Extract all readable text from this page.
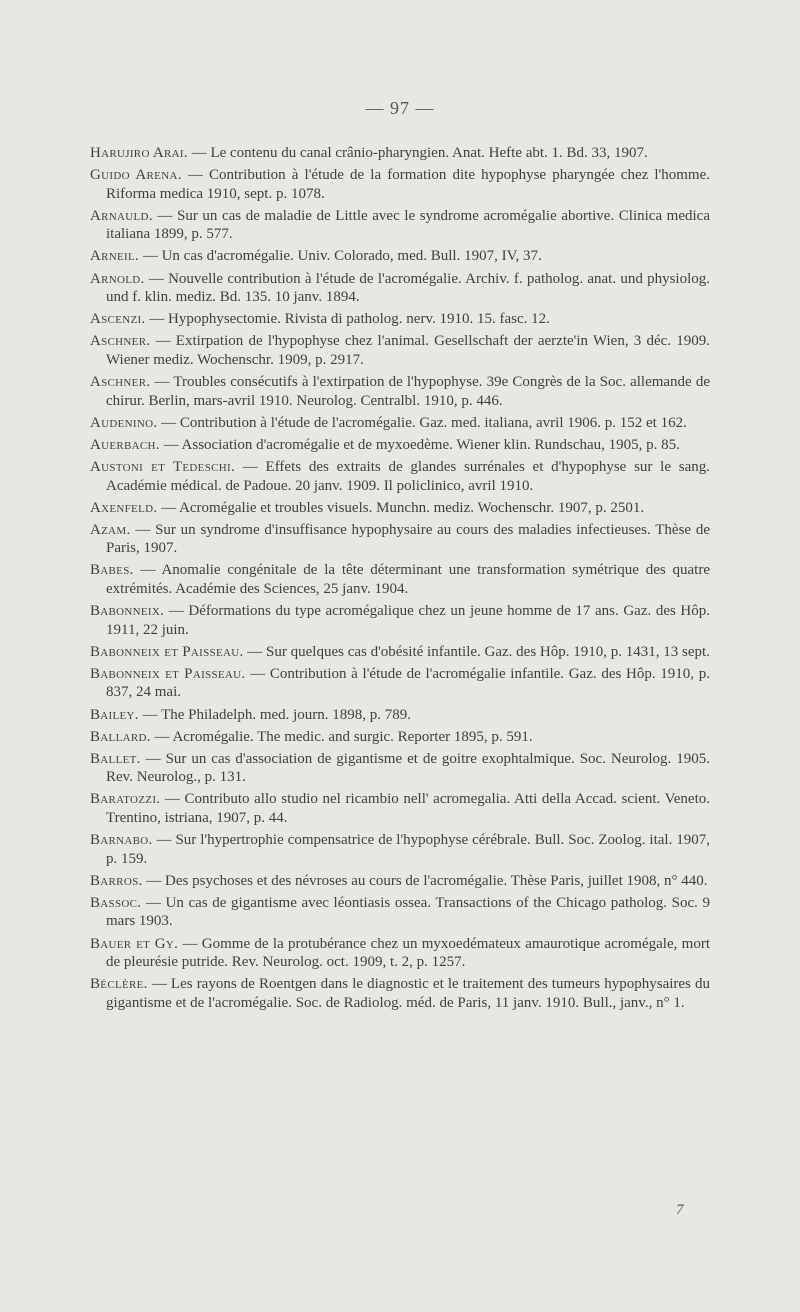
— 97 —

Harujiro Arai. — Le contenu du canal crânio-pharyngien. Anat. Hefte abt. 1. Bd. 33, 1907.

Guido Arena. — Contribution à l'étude de la formation dite hypophyse pharyngée chez l'homme. Riforma medica 1910, sept. p. 1078.

Arnauld. — Sur un cas de maladie de Little avec le syndrome acromégalie abortive. Clinica medica italiana 1899, p. 577.

Arneil. — Un cas d'acromégalie. Univ. Colorado, med. Bull. 1907, IV, 37.

Arnold. — Nouvelle contribution à l'étude de l'acromégalie. Archiv. f. patholog. anat. und physiolog. und f. klin. mediz. Bd. 135. 10 janv. 1894.

Ascenzi. — Hypophysectomie. Rivista di patholog. nerv. 1910. 15. fasc. 12.

Aschner. — Extirpation de l'hypophyse chez l'animal. Gesellschaft der aerzte'in Wien, 3 déc. 1909. Wiener mediz. Wochenschr. 1909, p. 2917.

Aschner. — Troubles consécutifs à l'extirpation de l'hypophyse. 39e Congrès de la Soc. allemande de chirur. Berlin, mars-avril 1910. Neurolog. Centralbl. 1910, p. 446.

Audenino. — Contribution à l'étude de l'acromégalie. Gaz. med. italiana, avril 1906. p. 152 et 162.

Auerbach. — Association d'acromégalie et de myxoedème. Wiener klin. Rundschau, 1905, p. 85.

Austoni et Tedeschi. — Effets des extraits de glandes surrénales et d'hypophyse sur le sang. Académie médical. de Padoue. 20 janv. 1909. Il policlinico, avril 1910.

Axenfeld. — Acromégalie et troubles visuels. Munchn. mediz. Wochenschr. 1907, p. 2501.

Azam. — Sur un syndrome d'insuffisance hypophysaire au cours des maladies infectieuses. Thèse de Paris, 1907.

Babes. — Anomalie congénitale de la tête déterminant une transformation symétrique des quatre extrémités. Académie des Sciences, 25 janv. 1904.

Babonneix. — Déformations du type acromégalique chez un jeune homme de 17 ans. Gaz. des Hôp. 1911, 22 juin.

Babonneix et Paisseau. — Sur quelques cas d'obésité infantile. Gaz. des Hôp. 1910, p. 1431, 13 sept.

Babonneix et Paisseau. — Contribution à l'étude de l'acromégalie infantile. Gaz. des Hôp. 1910, p. 837, 24 mai.

Bailey. — The Philadelph. med. journ. 1898, p. 789.

Ballard. — Acromégalie. The medic. and surgic. Reporter 1895, p. 591.

Ballet. — Sur un cas d'association de gigantisme et de goitre exophtalmique. Soc. Neurolog. 1905. Rev. Neurolog., p. 131.

Baratozzi. — Contributo allo studio nel ricambio nell' acromegalia. Atti della Accad. scient. Veneto. Trentino, istriana, 1907, p. 44.

Barnabo. — Sur l'hypertrophie compensatrice de l'hypophyse cérébrale. Bull. Soc. Zoolog. ital. 1907, p. 159.

Barros. — Des psychoses et des névroses au cours de l'acromégalie. Thèse Paris, juillet 1908, n° 440.

Bassoc. — Un cas de gigantisme avec léontiasis ossea. Transactions of the Chicago patholog. Soc. 9 mars 1903.

Bauer et Gy. — Gomme de la protubérance chez un myxoedémateux amaurotique acromégale, mort de pleurésie putride. Rev. Neurolog. oct. 1909, t. 2, p. 1257.

Béclère. — Les rayons de Roentgen dans le diagnostic et le traitement des tumeurs hypophysaires du gigantisme et de l'acromégalie. Soc. de Radiolog. méd. de Paris, 11 janv. 1910. Bull., janv., n° 1.

7
